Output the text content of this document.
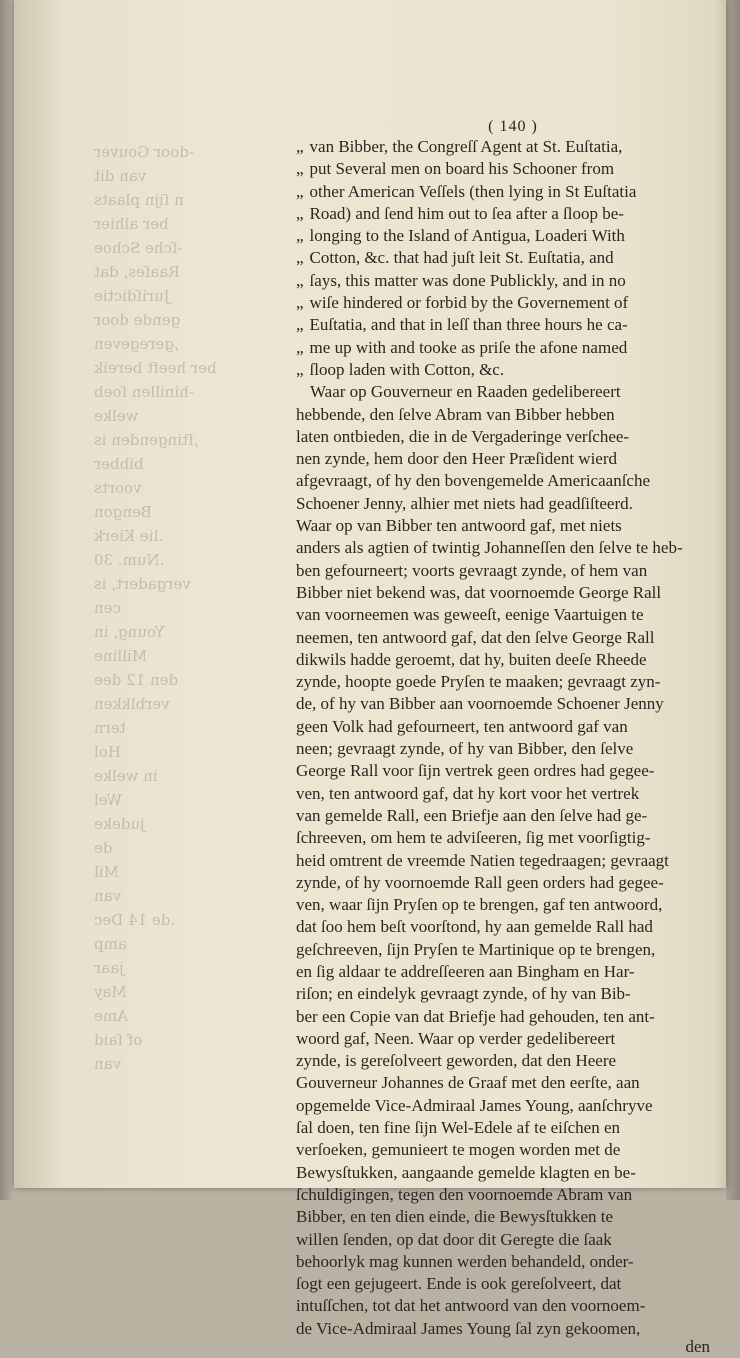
door Gouver-
van dit
n ſijn plaats
ber alhier
ſche Schoe-
Raaſes, dat
Juriſdictie
gende door
geregeven,
ber heeft bereik
hinillen ſoeb-
welke
ſtingenden is,
bibber
voorts
Bengon
lie Kierk.
Num. 30.
vergadert, is
cen
Young, in
Milline
den 12 dee
verblkken
tern
Hol
in welke
Wel
judeke
de
Mil
van
de 14 Dec.
amp
jaar
May
Ame
of ſaid
van
( 140 )
„ van Bibber, the Congreſſ Agent at St. Euſtatia,
„ put Several men on board his Schooner from
„ other American Veſſels (then lying in St Euſtatia
„ Road) and ſend him out to ſea after a ſloop be-
„ longing to the Island of Antigua, Loaderi With
„ Cotton, &c. that had juſt leit St. Euſtatia, and
„ ſays, this matter was done Publickly, and in no
„ wiſe hindered or forbid by the Governement of
„ Euſtatia, and that in leſſ than three hours he ca-
„ me up with and tooke as priſe the afone named
„ ſloop laden with Cotton, &c.
Waar op Gouverneur en Raaden gedelibereert
hebbende, den ſelve Abram van Bibber hebben
laten ontbieden, die in de Vergaderinge verſchee-
nen zynde, hem door den Heer Præſident wierd
afgevraagt, of hy den bovengemelde Americaanſche
Schoener Jenny, alhier met niets had geadſiſteerd.
Waar op van Bibber ten antwoord gaf, met niets
anders als agtien of twintig Johanneſſen den ſelve te heb-
ben gefourneert; voorts gevraagt zynde, of hem van
Bibber niet bekend was, dat voornoemde George Rall
van voorneemen was geweeſt, eenige Vaartuigen te
neemen, ten antwoord gaf, dat den ſelve George Rall
dikwils hadde geroemt, dat hy, buiten deeſe Rheede
zynde, hoopte goede Pryſen te maaken; gevraagt zyn-
de, of hy van Bibber aan voornoemde Schoener Jenny
geen Volk had gefourneert, ten antwoord gaf van
neen; gevraagt zynde, of hy van Bibber, den ſelve
George Rall voor ſijn vertrek geen ordres had gegee-
ven, ten antwoord gaf, dat hy kort voor het vertrek
van gemelde Rall, een Briefje aan den ſelve had ge-
ſchreeven, om hem te adviſeeren, ſig met voorſigtig-
heid omtrent de vreemde Natien tegedraagen; gevraagt
zynde, of hy voornoemde Rall geen orders had gegee-
ven, waar ſijn Pryſen op te brengen, gaf ten antwoord,
dat ſoo hem beſt voorſtond, hy aan gemelde Rall had
geſchreeven, ſijn Pryſen te Martinique op te brengen,
en ſig aldaar te addreſſeeren aan Bingham en Har-
riſon; en eindelyk gevraagt zynde, of hy van Bib-
ber een Copie van dat Briefje had gehouden, ten ant-
woord gaf, Neen. Waar op verder gedelibereert
zynde, is gereſolveert geworden, dat den Heere
Gouverneur Johannes de Graaf met den eerſte, aan
opgemelde Vice-Admiraal James Young, aanſchryve
ſal doen, ten fine ſijn Wel-Edele af te eiſchen en
verſoeken, gemunieert te mogen worden met de
Bewysſtukken, aangaande gemelde klagten en be-
ſchuldigingen, tegen den voornoemde Abram van
Bibber, en ten dien einde, die Bewysſtukken te
willen ſenden, op dat door dit Geregte die ſaak
behoorlyk mag kunnen werden behandeld, onder-
ſogt een gejugeert. Ende is ook gereſolveert, dat
intuſſchen, tot dat het antwoord van den voornoem-
de Vice-Admiraal James Young ſal zyn gekoomen,
den
